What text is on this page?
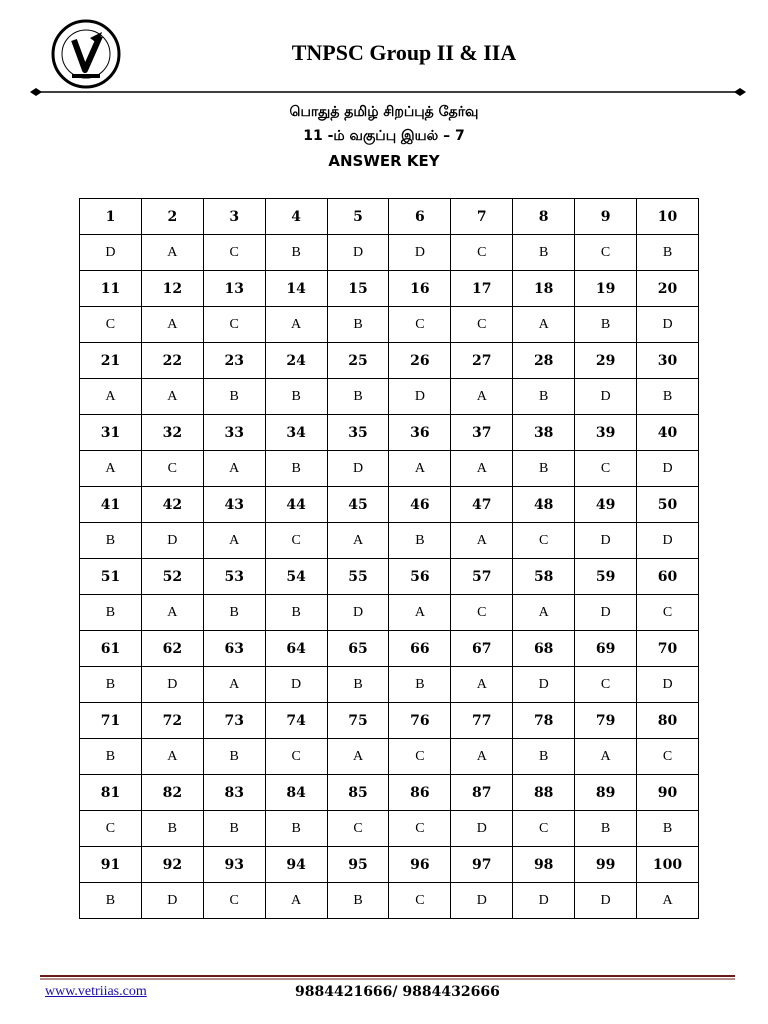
TNPSC Group II & IIA
பொதுத் தமிழ் சிறப்புத் தேர்வு
11 -ம் வகுப்பு இயல் – 7
ANSWER KEY
1	2	3	4	5	6	7	8	9	10
D	A	C	B	D	D	C	B	C	B
11	12	13	14	15	16	17	18	19	20
C	A	C	A	B	C	C	A	B	D
21	22	23	24	25	26	27	28	29	30
A	A	B	B	B	D	A	B	D	B
31	32	33	34	35	36	37	38	39	40
A	C	A	B	D	A	A	B	C	D
41	42	43	44	45	46	47	48	49	50
B	D	A	C	A	B	A	C	D	D
51	52	53	54	55	56	57	58	59	60
B	A	B	B	D	A	C	A	D	C
61	62	63	64	65	66	67	68	69	70
B	D	A	D	B	B	A	D	C	D
71	72	73	74	75	76	77	78	79	80
B	A	B	C	A	C	A	B	A	C
81	82	83	84	85	86	87	88	89	90
C	B	B	B	C	C	D	C	B	B
91	92	93	94	95	96	97	98	99	100
B	D	C	A	B	C	D	D	D	A
www.vetriias.com	9884421666/ 9884432666
